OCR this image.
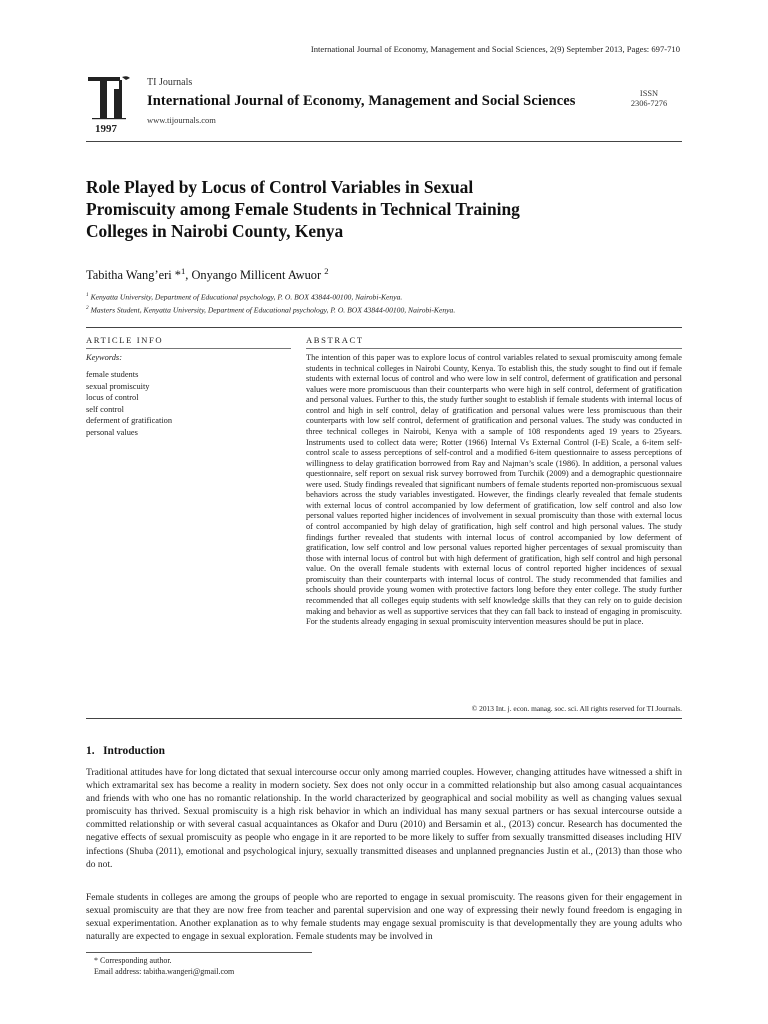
International Journal of Economy, Management and Social Sciences, 2(9) September 2013, Pages: 697-710
1997
TI Journals
International Journal of Economy, Management and Social Sciences
www.tijournals.com
ISSN
2306-7276
Role Played by Locus of Control Variables in Sexual Promiscuity among Female Students in Technical Training Colleges in Nairobi County, Kenya
Tabitha Wang’eri *$^1$, Onyango Millicent Awuor $^2$
$^1$ Kenyatta University, Department of Educational psychology, P. O. BOX 43844-00100, Nairobi-Kenya.
$^2$ Masters Student, Kenyatta University, Department of Educational psychology, P. O. BOX 43844-00100, Nairobi-Kenya.
ARTICLE INFO	ABSTRACT
Keywords:
female students
sexual promiscuity
locus of control
self control
deferment of gratification
personal values

The intention of this paper was to explore locus of control variables related to sexual promiscuity among female students in technical colleges in Nairobi County, Kenya. To establish this, the study sought to find out if female students with external locus of control and who were low in self control, deferment of gratification and personal values were more promiscuous than their counterparts who were high in self control, deferment of gratification and personal values. Further to this, the study further sought to establish if female students with internal locus of control and high in self control, delay of gratification and personal values were less promiscuous than their counterparts with low self control, deferment of gratification and personal values. The study was conducted in three technical colleges in Nairobi, Kenya with a sample of 108 respondents aged 19 years to 25years. Instruments used to collect data were; Rotter (1966) Internal Vs External Control (I-E) Scale, a 6-item self-control scale to assess perceptions of self-control and a modified 6-item questionnaire to assess perceptions of willingness to delay gratification borrowed from Ray and Najman’s scale (1986). In addition, a personal values questionnaire, self report on sexual risk survey borrowed from Turchik (2009) and a demographic questionnaire were used. Study findings revealed that significant numbers of female students reported non-promiscuous sexual behaviors across the study variables investigated. However, the findings clearly revealed that female students with external locus of control accompanied by low deferment of gratification, low self control and also low personal values reported higher incidences of involvement in sexual promiscuity than those with external locus of control accompanied by high delay of gratification, high self control and high personal values. The study findings further revealed that students with internal locus of control accompanied by low deferment of gratification, low self control and low personal values reported higher percentages of sexual promiscuity than those with internal locus of control but with high deferment of gratification, high self control and high personal value. On the overall female students with external locus of control reported higher incidences of sexual promiscuity than their counterparts with internal locus of control. The study recommended that families and schools should provide young women with protective factors long before they enter college. The study further recommended that all colleges equip students with self knowledge skills that they can rely on to guide decision making and behavior as well as supportive services that they can fall back to instead of engaging in promiscuity. For the students already engaging in sexual promiscuity intervention measures should be put in place.

© 2013 Int. j. econ. manag. soc. sci. All rights reserved for TI Journals.
1.   Introduction

Traditional attitudes have for long dictated that sexual intercourse occur only among married couples. However, changing attitudes have witnessed a shift in which extramarital sex has become a reality in modern society. Sex does not only occur in a committed relationship but also among casual acquaintances and friends with who one has no romantic relationship. In the world characterized by geographical and social mobility as well as changing values sexual promiscuity has thrived. Sexual promiscuity is a high risk behavior in which an individual has many sexual partners or has sexual intercourse outside a committed relationship or with several casual acquaintances as Okafor and Duru (2010) and Bersamin et al., (2013) concur. Research has documented the negative effects of sexual promiscuity as people who engage in it are reported to be more likely to suffer from sexually transmitted diseases including HIV infections (Shuba (2011), emotional and psychological injury, sexually transmitted diseases and unplanned pregnancies Justin et al., (2013) than those who do not.

Female students in colleges are among the groups of people who are reported to engage in sexual promiscuity. The reasons given for their engagement in sexual promiscuity are that they are now free from teacher and parental supervision and one way of expressing their newly found freedom is engaging in sexual experimentation. Another explanation as to why female students may engage sexual promiscuity is that developmentally they are young adults who naturally are expected to engage in sexual exploration. Female students may be involved in

* Corresponding author.
Email address: tabitha.wangeri@gmail.com
